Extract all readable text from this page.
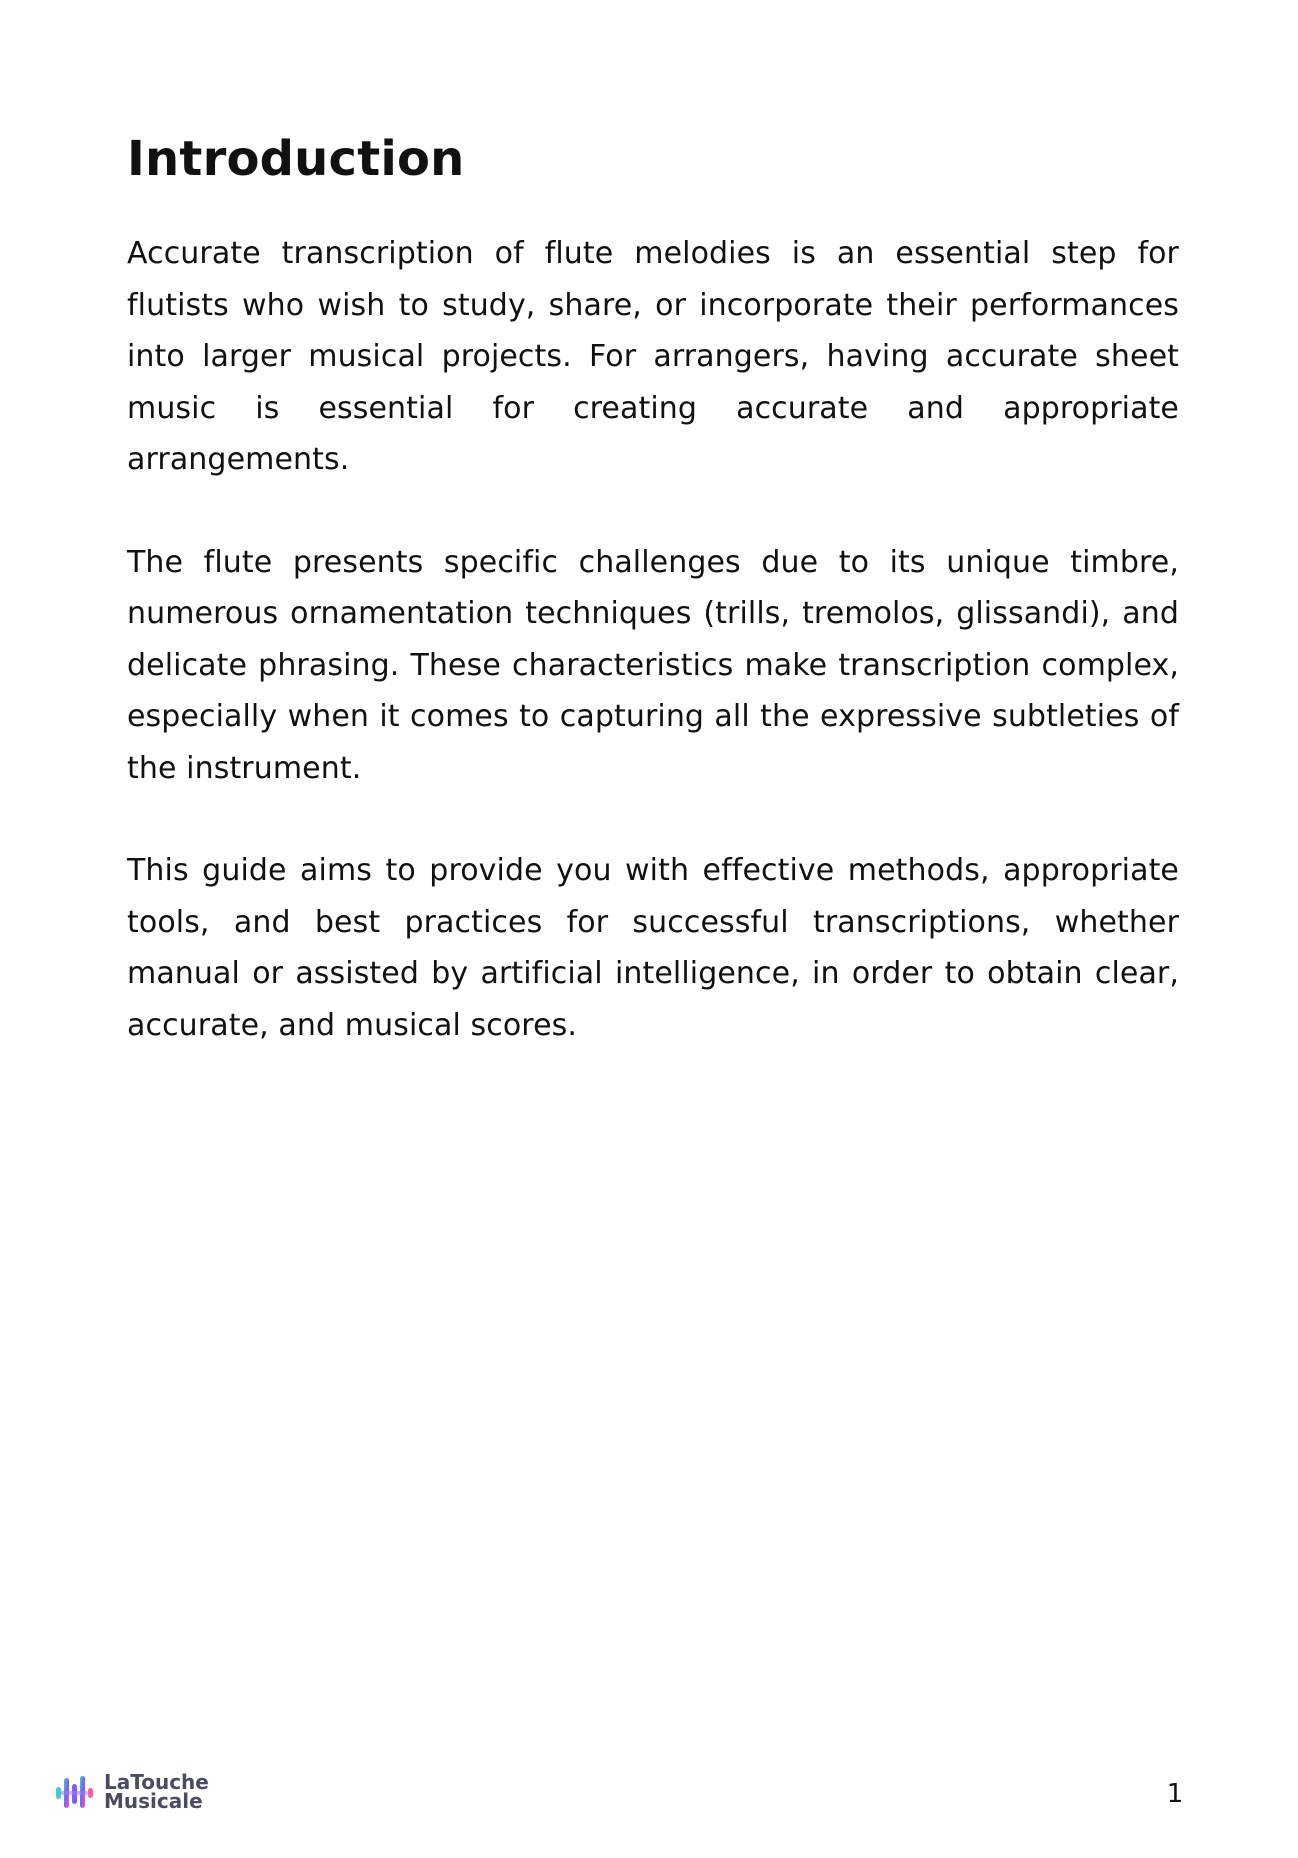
Introduction

Accurate transcription of flute melodies is an essential step for flutists who wish to study, share, or incorporate their performances into larger musical projects. For arrangers, having accurate sheet music is essential for creating accurate and appropriate arrangements.

The flute presents specific challenges due to its unique timbre, numerous ornamentation techniques (trills, tremolos, glissandi), and delicate phrasing. These characteristics make transcription complex, especially when it comes to capturing all the expressive subtleties of the instrument.

This guide aims to provide you with effective methods, appropriate tools, and best practices for successful transcriptions, whether manual or assisted by artificial intelligence, in order to obtain clear, accurate, and musical scores.

LaTouche
Musicale	1
